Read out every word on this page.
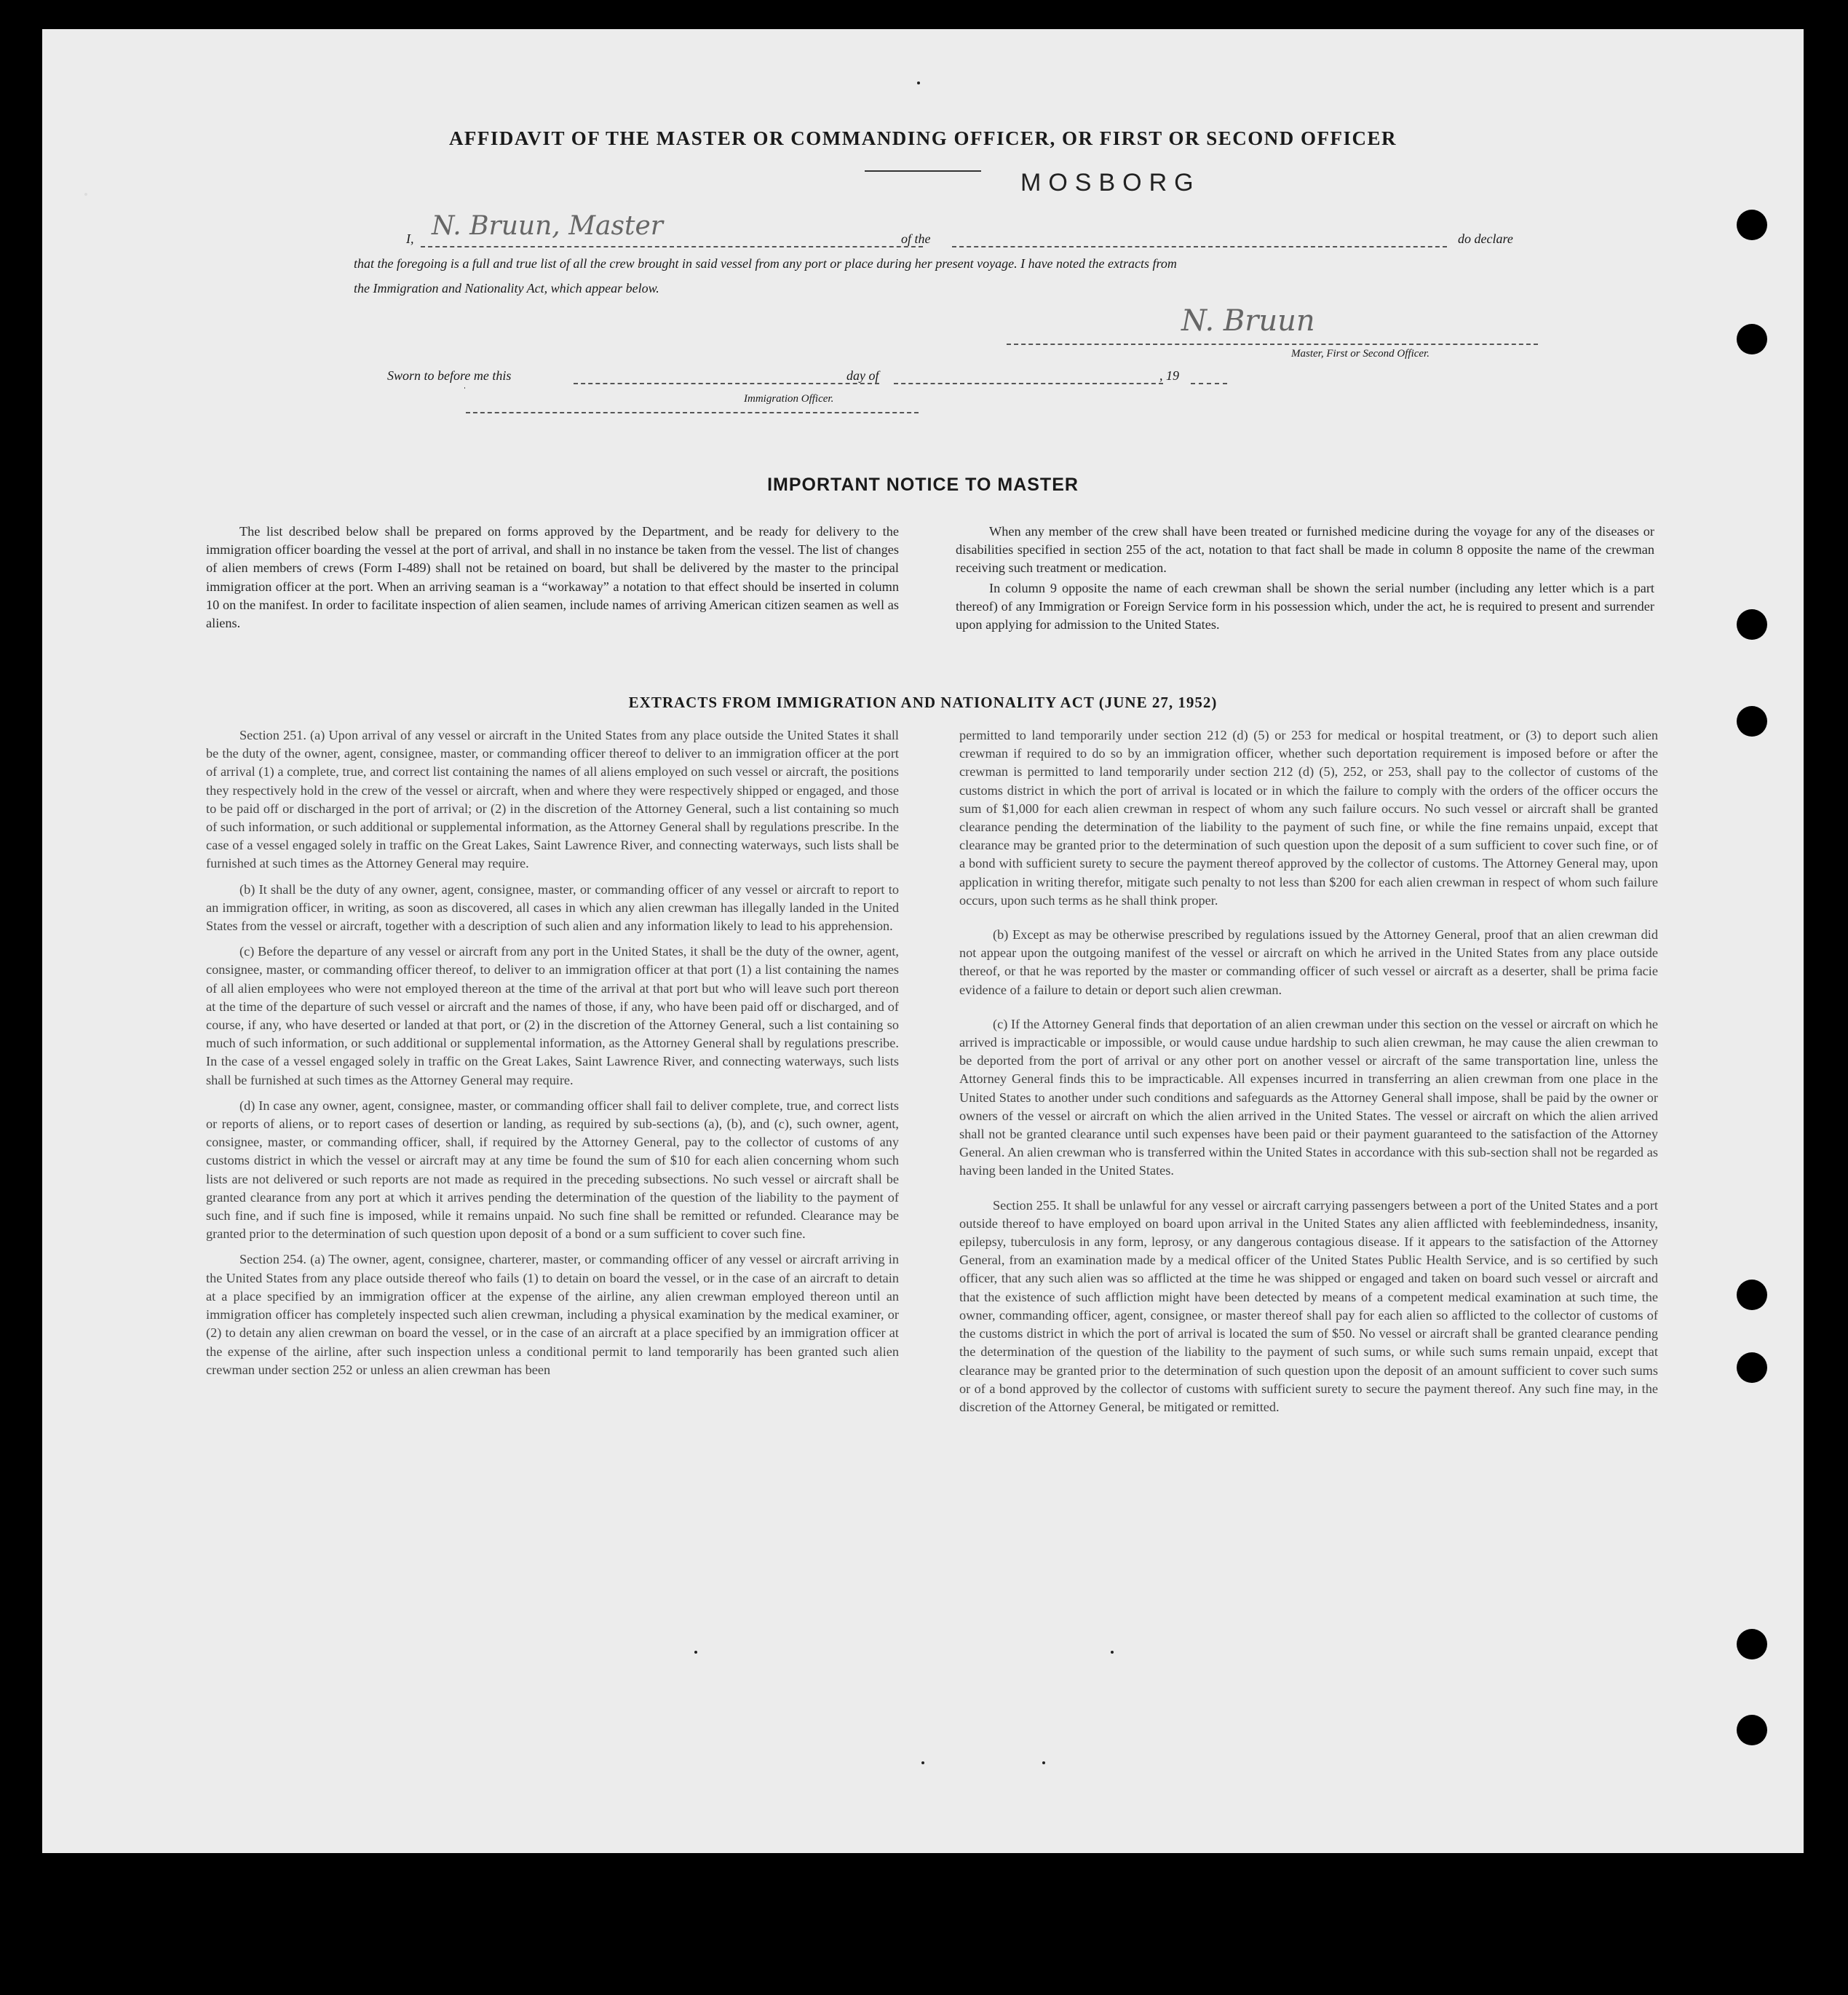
AFFIDAVIT OF THE MASTER OR COMMANDING OFFICER, OR FIRST OR SECOND OFFICER
I, N. Bruun, Master	of the
MOSBORG
do declare
that the foregoing is a full and true list of all the crew brought in said vessel from any port or place during her present voyage. I have noted the extracts from
the Immigration and Nationality Act, which appear below.
N. Bruun
Master, First or Second Officer.
Sworn to before me this	day of	, 19
Immigration Officer.
IMPORTANT NOTICE TO MASTER

The list described below shall be prepared on forms approved by the Department, and be ready for delivery to the immigration officer boarding the vessel at the port of arrival, and shall in no instance be taken from the vessel. The list of changes of alien members of crews (Form I-489) shall not be retained on board, but shall be delivered by the master to the principal immigration officer at the port. When an arriving seaman is a “workaway” a notation to that effect should be inserted in column 10 on the manifest. In order to facilitate inspection of alien seamen, include names of arriving American citizen seamen as well as aliens.

When any member of the crew shall have been treated or furnished medicine during the voyage for any of the diseases or disabilities specified in section 255 of the act, notation to that fact shall be made in column 8 opposite the name of the crewman receiving such treatment or medication.

In column 9 opposite the name of each crewman shall be shown the serial number (including any letter which is a part thereof) of any Immigration or Foreign Service form in his possession which, under the act, he is required to present and surrender upon applying for admission to the United States.

EXTRACTS FROM IMMIGRATION AND NATIONALITY ACT (JUNE 27, 1952)

Section 251. (a) Upon arrival of any vessel or aircraft in the United States from any place outside the United States it shall be the duty of the owner, agent, consignee, master, or commanding officer thereof to deliver to an immigration officer at the port of arrival (1) a complete, true, and correct list containing the names of all aliens employed on such vessel or aircraft, the positions they respectively hold in the crew of the vessel or aircraft, when and where they were respectively shipped or engaged, and those to be paid off or discharged in the port of arrival; or (2) in the discretion of the Attorney General, such a list containing so much of such information, or such additional or supplemental information, as the Attorney General shall by regulations prescribe. In the case of a vessel engaged solely in traffic on the Great Lakes, Saint Lawrence River, and connecting waterways, such lists shall be furnished at such times as the Attorney General may require.

(b) It shall be the duty of any owner, agent, consignee, master, or commanding officer of any vessel or aircraft to report to an immigration officer, in writing, as soon as discovered, all cases in which any alien crewman has illegally landed in the United States from the vessel or aircraft, together with a description of such alien and any information likely to lead to his apprehension.

(c) Before the departure of any vessel or aircraft from any port in the United States, it shall be the duty of the owner, agent, consignee, master, or commanding officer thereof, to deliver to an immigration officer at that port (1) a list containing the names of all alien employees who were not employed thereon at the time of the arrival at that port but who will leave such port thereon at the time of the departure of such vessel or aircraft and the names of those, if any, who have been paid off or discharged, and of course, if any, who have deserted or landed at that port, or (2) in the discretion of the Attorney General, such a list containing so much of such information, or such additional or supplemental information, as the Attorney General shall by regulations prescribe. In the case of a vessel engaged solely in traffic on the Great Lakes, Saint Lawrence River, and connecting waterways, such lists shall be furnished at such times as the Attorney General may require.

(d) In case any owner, agent, consignee, master, or commanding officer shall fail to deliver complete, true, and correct lists or reports of aliens, or to report cases of desertion or landing, as required by sub-sections (a), (b), and (c), such owner, agent, consignee, master, or commanding officer, shall, if required by the Attorney General, pay to the collector of customs of any customs district in which the vessel or aircraft may at any time be found the sum of $10 for each alien concerning whom such lists are not delivered or such reports are not made as required in the preceding subsections. No such vessel or aircraft shall be granted clearance from any port at which it arrives pending the determination of the question of the liability to the payment of such fine, and if such fine is imposed, while it remains unpaid. No such fine shall be remitted or refunded. Clearance may be granted prior to the determination of such question upon deposit of a bond or a sum sufficient to cover such fine.

Section 254. (a) The owner, agent, consignee, charterer, master, or commanding officer of any vessel or aircraft arriving in the United States from any place outside thereof who fails (1) to detain on board the vessel, or in the case of an aircraft to detain at a place specified by an immigration officer at the expense of the airline, any alien crewman employed thereon until an immigration officer has completely inspected such alien crewman, including a physical examination by the medical examiner, or (2) to detain any alien crewman on board the vessel, or in the case of an aircraft at a place specified by an immigration officer at the expense of the airline, after such inspection unless a conditional permit to land temporarily has been granted such alien crewman under section 252 or unless an alien crewman has been

permitted to land temporarily under section 212 (d) (5) or 253 for medical or hospital treatment, or (3) to deport such alien crewman if required to do so by an immigration officer, whether such deportation requirement is imposed before or after the crewman is permitted to land temporarily under section 212 (d) (5), 252, or 253, shall pay to the collector of customs of the customs district in which the port of arrival is located or in which the failure to comply with the orders of the officer occurs the sum of $1,000 for each alien crewman in respect of whom any such failure occurs. No such vessel or aircraft shall be granted clearance pending the determination of the liability to the payment of such fine, or while the fine remains unpaid, except that clearance may be granted prior to the determination of such question upon the deposit of a sum sufficient to cover such fine, or of a bond with sufficient surety to secure the payment thereof approved by the collector of customs. The Attorney General may, upon application in writing therefor, mitigate such penalty to not less than $200 for each alien crewman in respect of whom such failure occurs, upon such terms as he shall think proper.

(b) Except as may be otherwise prescribed by regulations issued by the Attorney General, proof that an alien crewman did not appear upon the outgoing manifest of the vessel or aircraft on which he arrived in the United States from any place outside thereof, or that he was reported by the master or commanding officer of such vessel or aircraft as a deserter, shall be prima facie evidence of a failure to detain or deport such alien crewman.

(c) If the Attorney General finds that deportation of an alien crewman under this section on the vessel or aircraft on which he arrived is impracticable or impossible, or would cause undue hardship to such alien crewman, he may cause the alien crewman to be deported from the port of arrival or any other port on another vessel or aircraft of the same transportation line, unless the Attorney General finds this to be impracticable. All expenses incurred in transferring an alien crewman from one place in the United States to another under such conditions and safeguards as the Attorney General shall impose, shall be paid by the owner or owners of the vessel or aircraft on which the alien arrived in the United States. The vessel or aircraft on which the alien arrived shall not be granted clearance until such expenses have been paid or their payment guaranteed to the satisfaction of the Attorney General. An alien crewman who is transferred within the United States in accordance with this sub-section shall not be regarded as having been landed in the United States.

Section 255. It shall be unlawful for any vessel or aircraft carrying passengers between a port of the United States and a port outside thereof to have employed on board upon arrival in the United States any alien afflicted with feeblemindedness, insanity, epilepsy, tuberculosis in any form, leprosy, or any dangerous contagious disease. If it appears to the satisfaction of the Attorney General, from an examination made by a medical officer of the United States Public Health Service, and is so certified by such officer, that any such alien was so afflicted at the time he was shipped or engaged and taken on board such vessel or aircraft and that the existence of such affliction might have been detected by means of a competent medical examination at such time, the owner, commanding officer, agent, consignee, or master thereof shall pay for each alien so afflicted to the collector of customs of the customs district in which the port of arrival is located the sum of $50. No vessel or aircraft shall be granted clearance pending the determination of the question of the liability to the payment of such sums, or while such sums remain unpaid, except that clearance may be granted prior to the determination of such question upon the deposit of an amount sufficient to cover such sums or of a bond approved by the collector of customs with sufficient surety to secure the payment thereof. Any such fine may, in the discretion of the Attorney General, be mitigated or remitted.
